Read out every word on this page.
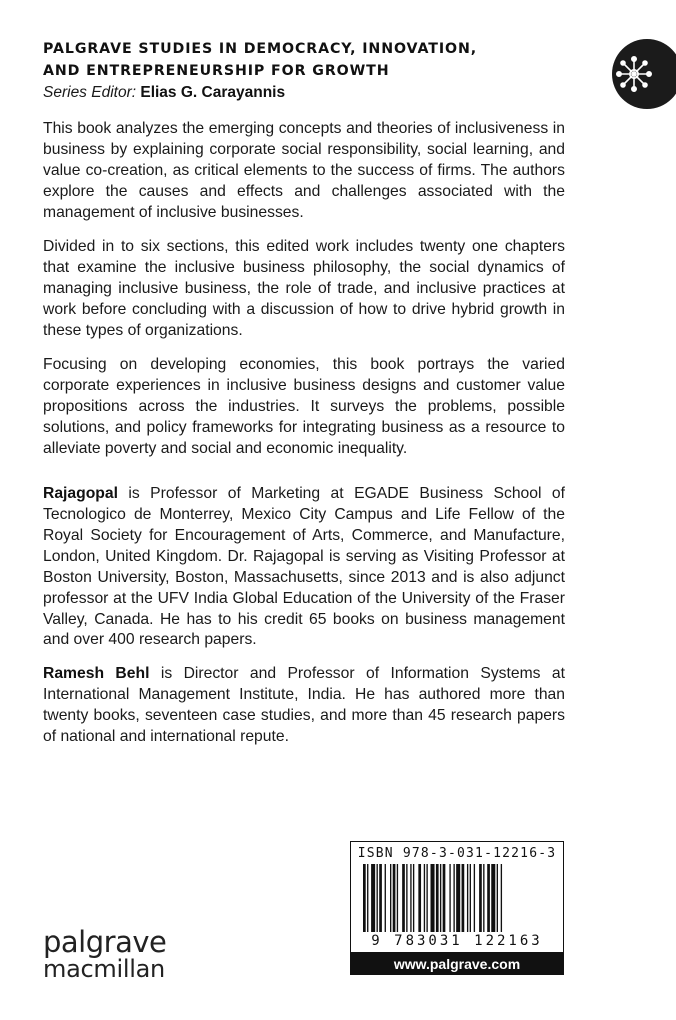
PALGRAVE STUDIES IN DEMOCRACY, INNOVATION,

AND ENTREPRENEURSHIP FOR GROWTH

Series Editor: Elias G. Carayannis

This book analyzes the emerging concepts and theories of inclusiveness in business by explaining corporate social responsibility, social learning, and value co-creation, as critical elements to the success of firms. The authors explore the causes and effects and challenges associated with the management of inclusive businesses.

Divided in to six sections, this edited work includes twenty one chapters that examine the inclusive business philosophy, the social dynamics of managing inclusive business, the role of trade, and inclusive practices at work before concluding with a discussion of how to drive hybrid growth in these types of organizations.

Focusing on developing economies, this book portrays the varied corporate experiences in inclusive business designs and customer value propositions across the industries. It surveys the problems, possible solutions, and policy frameworks for integrating business as a resource to alleviate poverty and social and economic inequality.

Rajagopal is Professor of Marketing at EGADE Business School of Tecnologico de Monterrey, Mexico City Campus and Life Fellow of the Royal Society for Encouragement of Arts, Commerce, and Manufacture, London, United Kingdom. Dr. Rajagopal is serving as Visiting Professor at Boston University, Boston, Massachusetts, since 2013 and is also adjunct professor at the UFV India Global Education of the University of the Fraser Valley, Canada. He has to his credit 65 books on business management and over 400 research papers.

Ramesh Behl is Director and Professor of Information Systems at International Management Institute, India. He has authored more than twenty books, seventeen case studies, and more than 45 research papers of national and international repute.

palgrave

macmillan

ISBN 978-3-031-12216-3
9 783031 122163
www.palgrave.com
